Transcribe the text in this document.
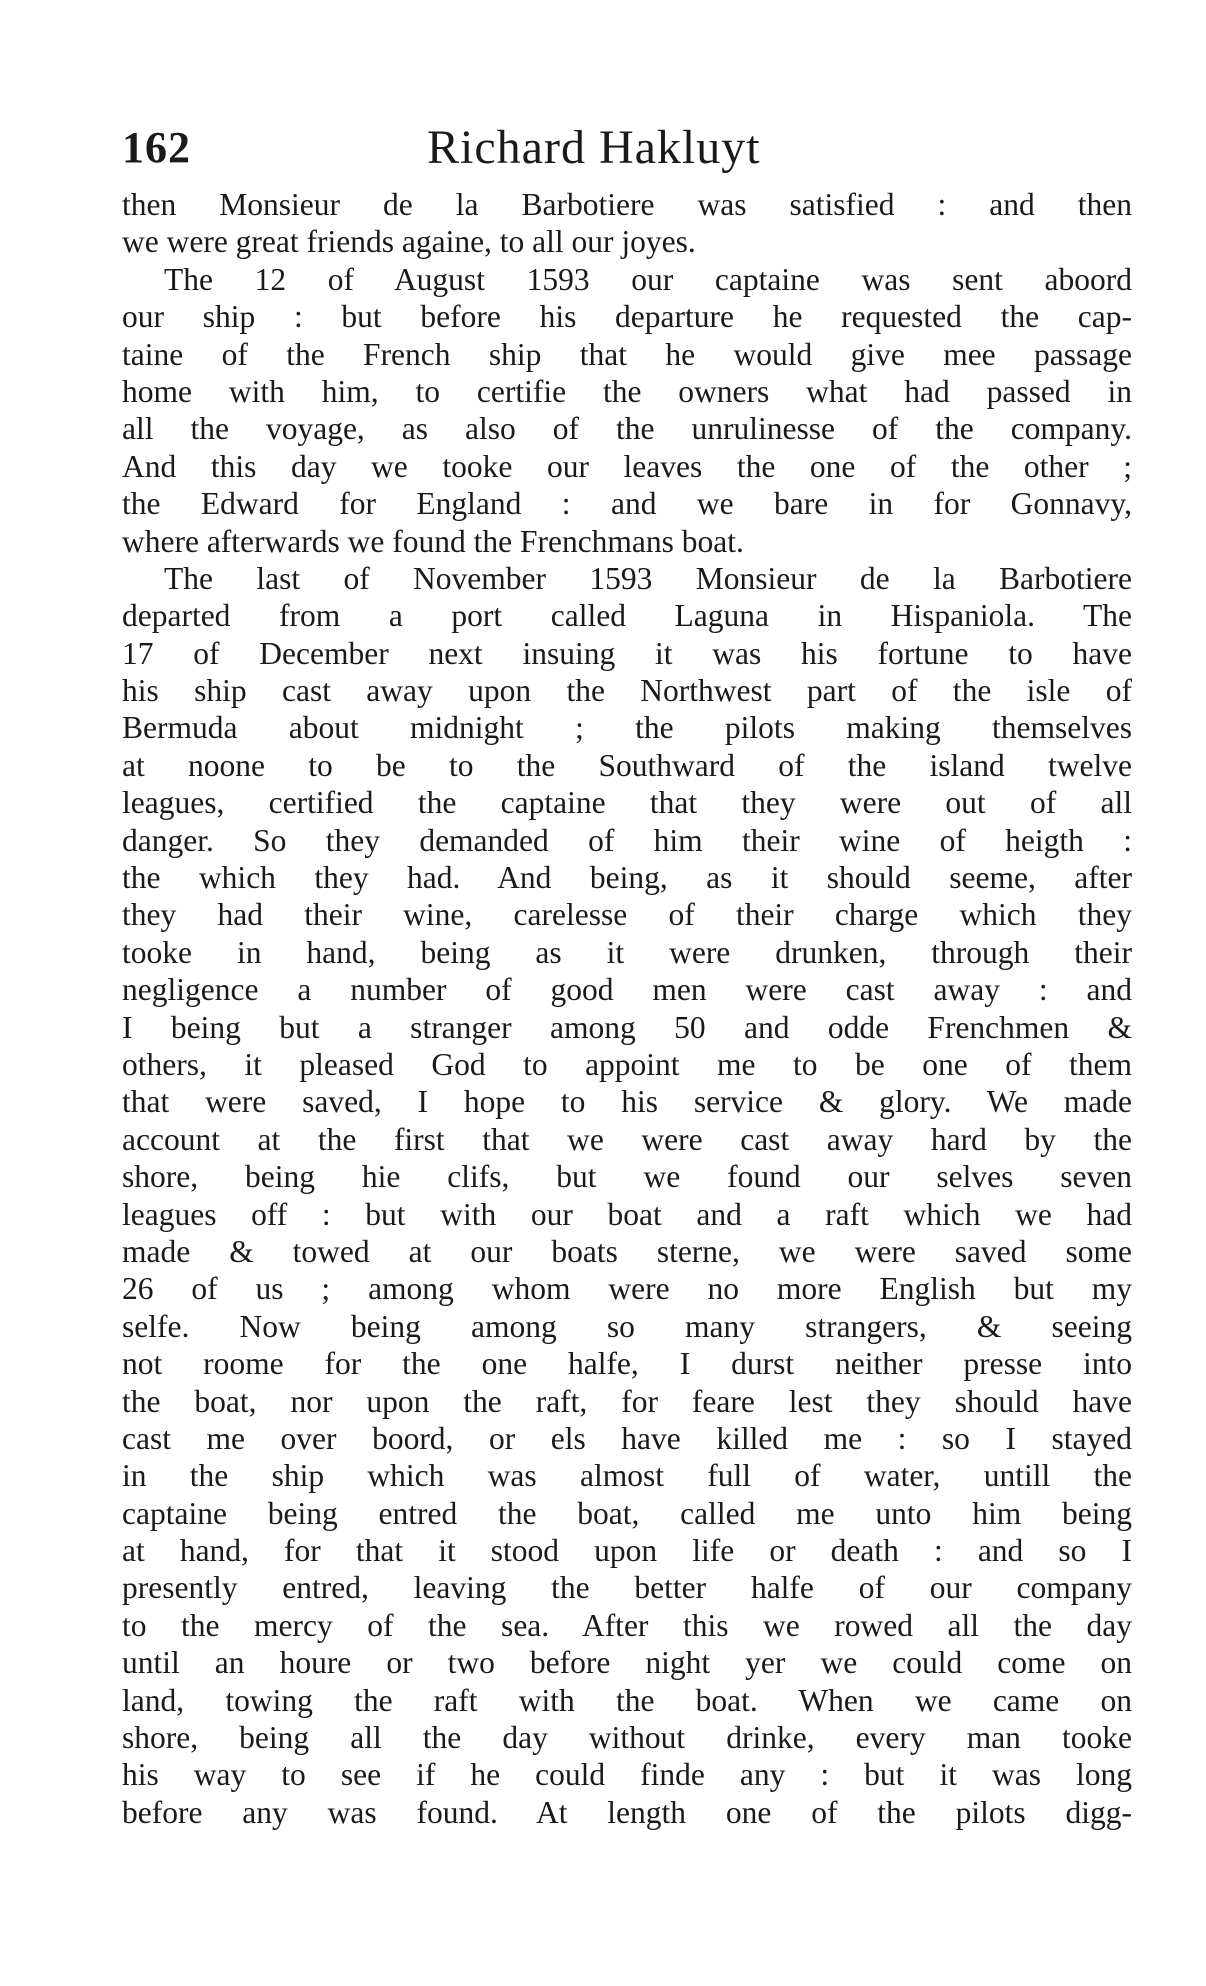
162	Richard Hakluyt
then Monsieur de la Barbotiere was satisfied : and then
we were great friends againe, to all our joyes.
The 12 of August 1593 our captaine was sent aboord
our ship : but before his departure he requested the cap-
taine of the French ship that he would give mee passage
home with him, to certifie the owners what had passed in
all the voyage, as also of the unrulinesse of the company.
And this day we tooke our leaves the one of the other ;
the Edward for England : and we bare in for Gonnavy,
where afterwards we found the Frenchmans boat.
The last of November 1593 Monsieur de la Barbotiere
departed from a port called Laguna in Hispaniola. The
17 of December next insuing it was his fortune to have
his ship cast away upon the Northwest part of the isle of
Bermuda about midnight ; the pilots making themselves
at noone to be to the Southward of the island twelve
leagues, certified the captaine that they were out of all
danger. So they demanded of him their wine of heigth :
the which they had. And being, as it should seeme, after
they had their wine, carelesse of their charge which they
tooke in hand, being as it were drunken, through their
negligence a number of good men were cast away : and
I being but a stranger among 50 and odde Frenchmen &
others, it pleased God to appoint me to be one of them
that were saved, I hope to his service & glory. We made
account at the first that we were cast away hard by the
shore, being hie clifs, but we found our selves seven
leagues off : but with our boat and a raft which we had
made & towed at our boats sterne, we were saved some
26 of us ; among whom were no more English but my
selfe. Now being among so many strangers, & seeing
not roome for the one halfe, I durst neither presse into
the boat, nor upon the raft, for feare lest they should have
cast me over boord, or els have killed me : so I stayed
in the ship which was almost full of water, untill the
captaine being entred the boat, called me unto him being
at hand, for that it stood upon life or death : and so I
presently entred, leaving the better halfe of our company
to the mercy of the sea. After this we rowed all the day
until an houre or two before night yer we could come on
land, towing the raft with the boat. When we came on
shore, being all the day without drinke, every man tooke
his way to see if he could finde any : but it was long
before any was found. At length one of the pilots digg-
